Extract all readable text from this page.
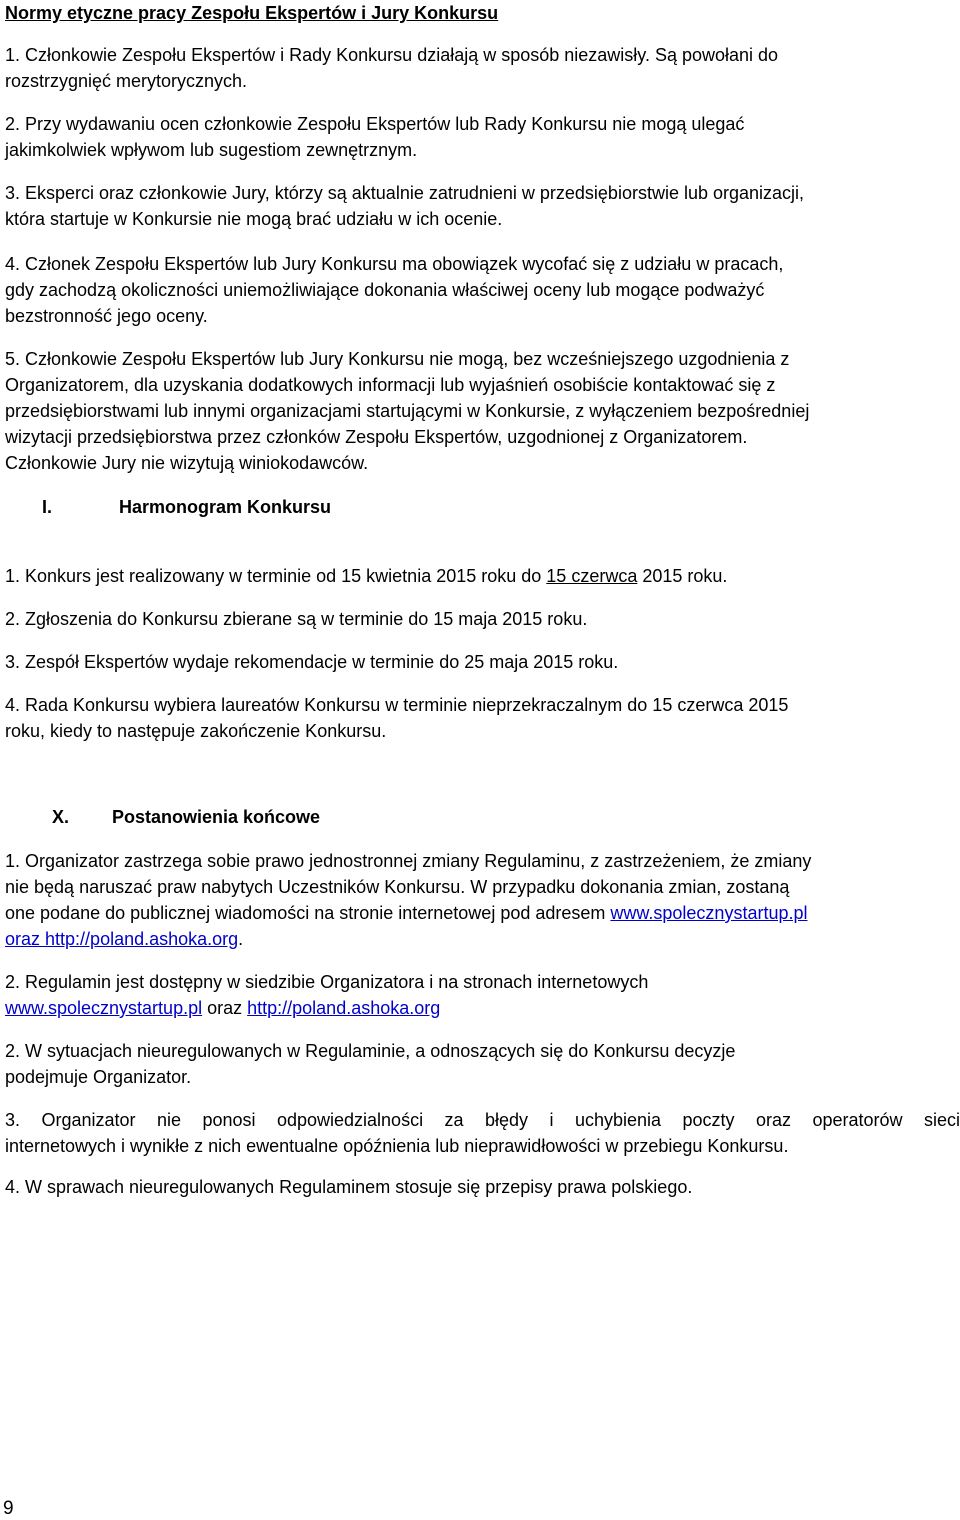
Normy etyczne pracy Zespołu Ekspertów i Jury Konkursu
1. Członkowie Zespołu Ekspertów i Rady Konkursu działają w sposób niezawisły. Są powołani do
rozstrzygnięć merytorycznych.
2. Przy wydawaniu ocen członkowie Zespołu Ekspertów lub Rady Konkursu nie mogą ulegać
jakimkolwiek wpływom lub sugestiom zewnętrznym.
3. Eksperci oraz członkowie Jury, którzy są aktualnie zatrudnieni w przedsiębiorstwie lub organizacji,
która startuje w Konkursie nie mogą brać udziału w ich ocenie.
4. Członek Zespołu Ekspertów lub Jury Konkursu ma obowiązek wycofać się z udziału w pracach,
gdy zachodzą okoliczności uniemożliwiające dokonania właściwej oceny lub mogące podważyć
bezstronność jego oceny.
5. Członkowie Zespołu Ekspertów lub Jury Konkursu nie mogą, bez wcześniejszego uzgodnienia z
Organizatorem, dla uzyskania dodatkowych informacji lub wyjaśnień osobiście kontaktować się z
przedsiębiorstwami lub innymi organizacjami startującymi w Konkursie, z wyłączeniem bezpośredniej
wizytacji przedsiębiorstwa przez członków Zespołu Ekspertów, uzgodnionej z Organizatorem.
Członkowie Jury nie wizytują winiokodawców.
I.	Harmonogram Konkursu
1. Konkurs jest realizowany w terminie od 15 kwietnia 2015 roku do 15 czerwca 2015 roku.
2. Zgłoszenia do Konkursu zbierane są w terminie do 15 maja 2015 roku.
3. Zespół Ekspertów wydaje rekomendacje w terminie do 25 maja 2015 roku.
4. Rada Konkursu wybiera laureatów Konkursu w terminie nieprzekraczalnym do 15 czerwca 2015
roku, kiedy to następuje zakończenie Konkursu.
X. Postanowienia końcowe
1. Organizator zastrzega sobie prawo jednostronnej zmiany Regulaminu, z zastrzeżeniem, że zmiany
nie będą naruszać praw nabytych Uczestników Konkursu. W przypadku dokonania zmian, zostaną
one podane do publicznej wiadomości na stronie internetowej pod adresem www.spolecznystartup.pl
oraz http://poland.ashoka.org.
2. Regulamin jest dostępny w siedzibie Organizatora i na stronach internetowych
www.spolecznystartup.pl oraz http://poland.ashoka.org
2. W sytuacjach nieuregulowanych w Regulaminie, a odnoszących się do Konkursu decyzje
podejmuje Organizator.
3. Organizator nie ponosi odpowiedzialności za błędy i uchybienia poczty oraz operatorów sieci
internetowych i wynikłe z nich ewentualne opóźnienia lub nieprawidłowości w przebiegu Konkursu.
4. W sprawach nieuregulowanych Regulaminem stosuje się przepisy prawa polskiego.
9
